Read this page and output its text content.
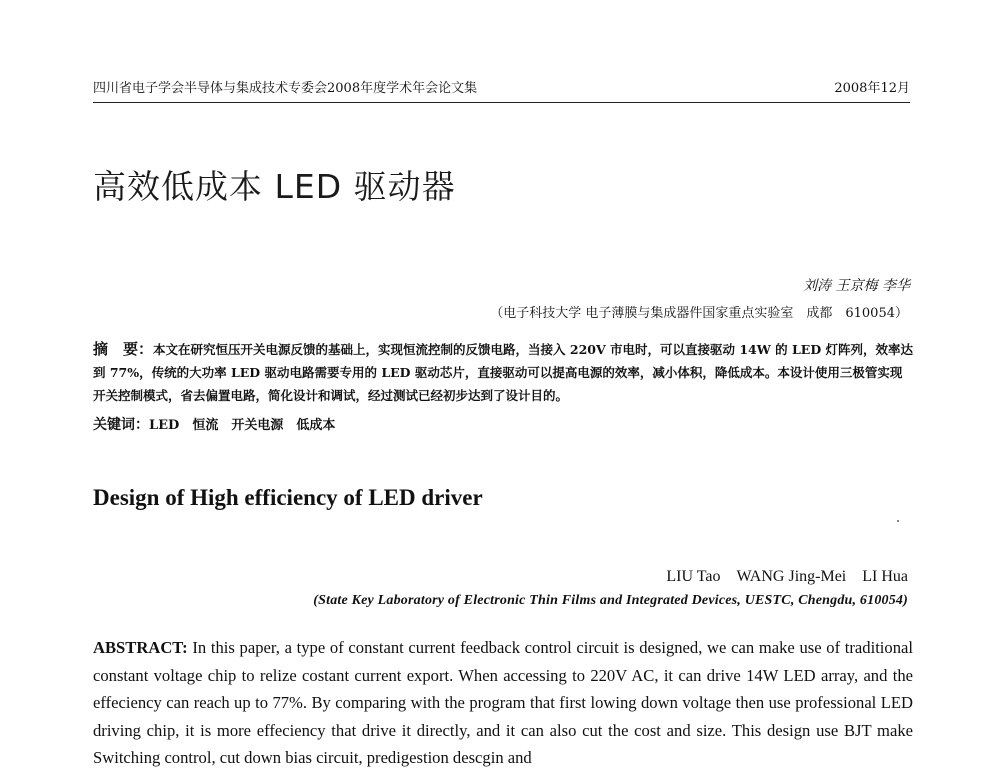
四川省电子学会半导体与集成技术专委会2008年度学术年会论文集	2008年12月
高效低成本 LED 驱动器
刘涛 王京梅 李华
（电子科技大学 电子薄膜与集成器件国家重点实验室　成都　610054）
摘　要：本文在研究恒压开关电源反馈的基础上，实现恒流控制的反馈电路，当接入 220V 市电时，可以直接驱动 14W 的 LED 灯阵列，效率达到 77%，传统的大功率 LED 驱动电路需要专用的 LED 驱动芯片，直接驱动可以提高电源的效率，减小体积，降低成本。本设计使用三极管实现开关控制模式，省去偏置电路，简化设计和调试，经过测试已经初步达到了设计目的。
关键词：LED　恒流　开关电源　低成本
Design of High efficiency of LED driver
LIU Tao　WANG Jing-Mei　LI Hua
(State Key Laboratory of Electronic Thin Films and Integrated Devices, UESTC, Chengdu, 610054)
ABSTRACT: In this paper, a type of constant current feedback control circuit is designed, we can make use of traditional constant voltage chip to relize costant current export. When accessing to 220V AC, it can drive 14W LED array, and the effeciency can reach up to 77%. By comparing with the program that first lowing down voltage then use professional LED driving chip, it is more effeciency that drive it directly, and it can also cut the cost and size. This design use BJT make Switching control, cut down bias circuit, predigestion descgin and
